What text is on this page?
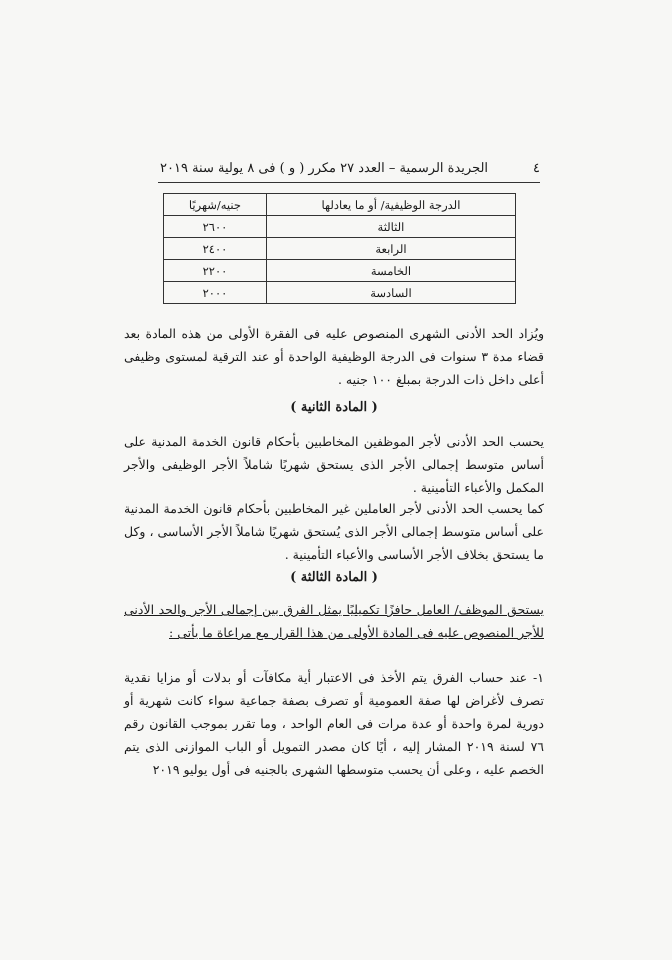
٤
الجريدة الرسمية – العدد ٢٧ مكرر ( و ) فى ٨ يولية سنة ٢٠١٩
الدرجة الوظيفية/ أو ما يعادلها	جنيه/شهريًا
الثالثة	٢٦٠٠
الرابعة	٢٤٠٠
الخامسة	٢٢٠٠
السادسة	٢٠٠٠
ويُزاد الحد الأدنى الشهرى المنصوص عليه فى الفقرة الأولى من هذه المادة بعد قضاء مدة ٣ سنوات فى الدرجة الوظيفية الواحدة أو عند الترقية لمستوى وظيفى أعلى داخل ذات الدرجة بمبلغ ١٠٠ جنيه .
( المادة الثانية )
يحسب الحد الأدنى لأجر الموظفين المخاطبين بأحكام قانون الخدمة المدنية على أساس متوسط إجمالى الأجر الذى يستحق شهريًا شاملاً الأجر الوظيفى والأجر المكمل والأعباء التأمينية .
كما يحسب الحد الأدنى لأجر العاملين غير المخاطبين بأحكام قانون الخدمة المدنية على أساس متوسط إجمالى الأجر الذى يُستحق شهريًا شاملاً الأجر الأساسى ، وكل ما يستحق بخلاف الأجر الأساسى والأعباء التأمينية .
( المادة الثالثة )
يستحق الموظف/ العامل حافزًا تكميليًا يمثل الفرق بين إجمالى الأجر والحد الأدنى للأجر المنصوص عليه فى المادة الأولى من هذا القرار مع مراعاة ما يأتى :
١- عند حساب الفرق يتم الأخذ فى الاعتبار أية مكافآت أو بدلات أو مزايا نقدية تصرف لأغراض لها صفة العمومية أو تصرف بصفة جماعية سواء كانت شهرية أو دورية لمرة واحدة أو عدة مرات فى العام الواحد ، وما تقرر بموجب القانون رقم ٧٦ لسنة ٢٠١٩ المشار إليه ، أيًا كان مصدر التمويل أو الباب الموازنى الذى يتم الخصم عليه ، وعلى أن يحسب متوسطها الشهرى بالجنيه فى أول يوليو ٢٠١٩
